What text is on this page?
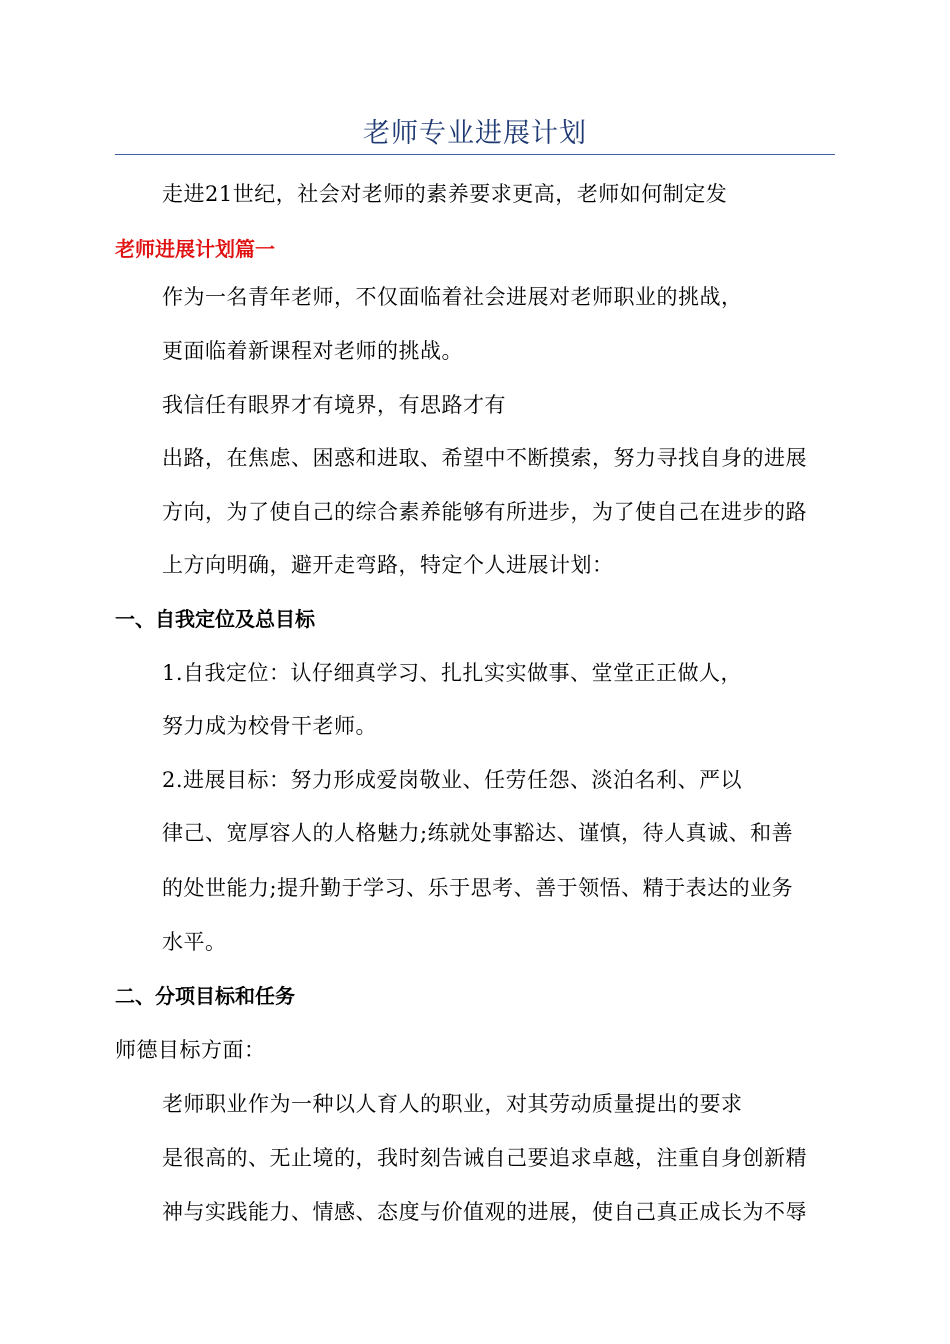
老师专业进展计划
走进21世纪，社会对老师的素养要求更高，老师如何制定发
老师进展计划篇一
作为一名青年老师，不仅面临着社会进展对老师职业的挑战，
更面临着新课程对老师的挑战。
我信任有眼界才有境界，有思路才有
出路，在焦虑、困惑和进取、希望中不断摸索，努力寻找自身的进展
方向，为了使自己的综合素养能够有所进步，为了使自己在进步的路
上方向明确，避开走弯路，特定个人进展计划：
一、自我定位及总目标
1.自我定位：认仔细真学习、扎扎实实做事、堂堂正正做人，
努力成为校骨干老师。
2.进展目标：努力形成爱岗敬业、任劳任怨、淡泊名利、严以
律己、宽厚容人的人格魅力;练就处事豁达、谨慎，待人真诚、和善
的处世能力;提升勤于学习、乐于思考、善于领悟、精于表达的业务
水平。
二、分项目标和任务
师德目标方面：
老师职业作为一种以人育人的职业，对其劳动质量提出的要求
是很高的、无止境的，我时刻告诫自己要追求卓越，注重自身创新精
神与实践能力、情感、态度与价值观的进展，使自己真正成长为不辱
